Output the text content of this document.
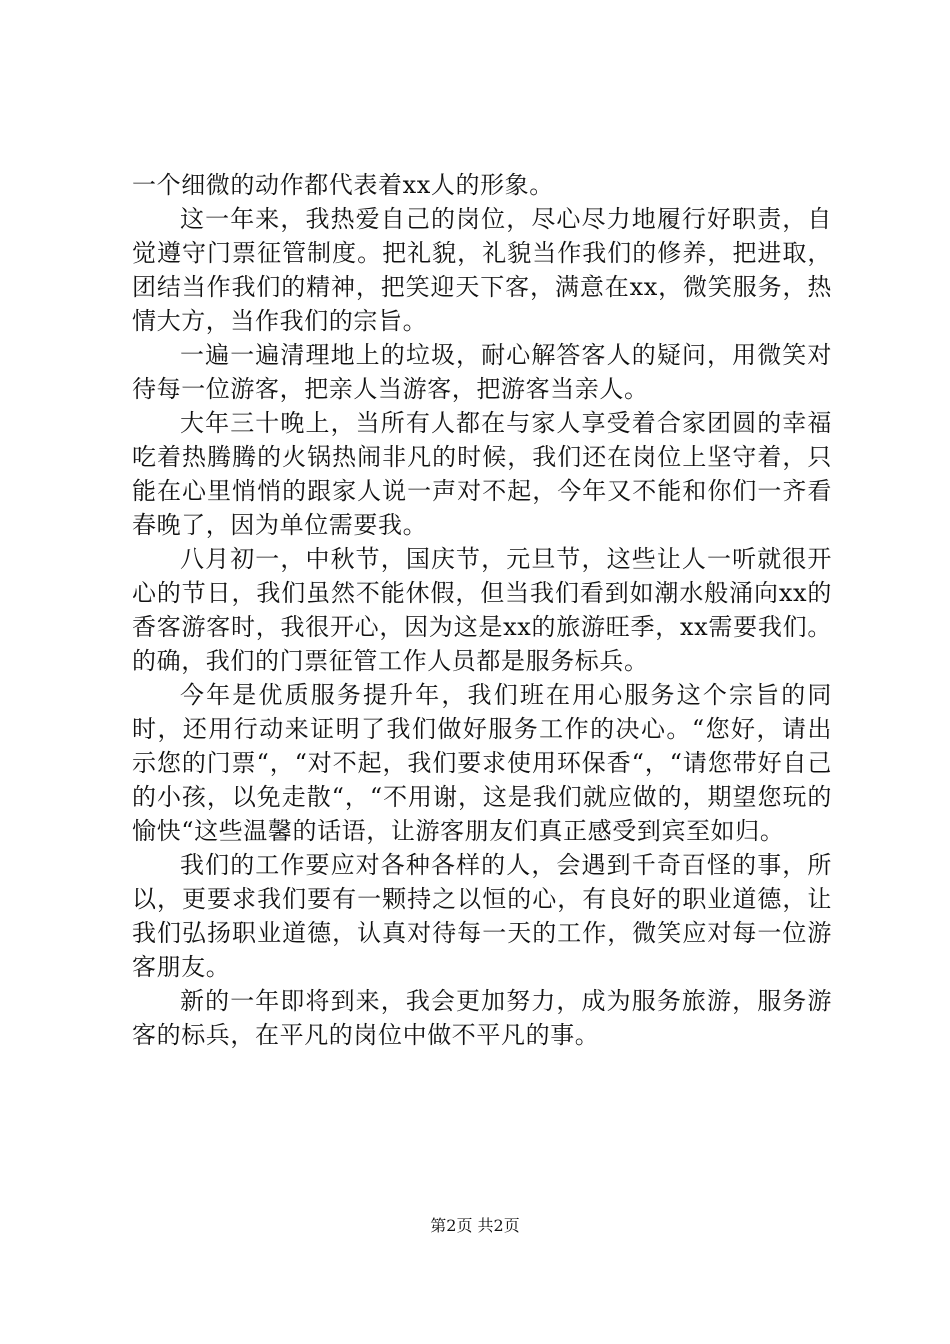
一个细微的动作都代表着xx人的形象。

这一年来，我热爱自己的岗位，尽心尽力地履行好职责，自觉遵守门票征管制度。把礼貌，礼貌当作我们的修养，把进取，团结当作我们的精神，把笑迎天下客，满意在xx，微笑服务，热情大方，当作我们的宗旨。

一遍一遍清理地上的垃圾，耐心解答客人的疑问，用微笑对待每一位游客，把亲人当游客，把游客当亲人。

大年三十晚上，当所有人都在与家人享受着合家团圆的幸福吃着热腾腾的火锅热闹非凡的时候，我们还在岗位上坚守着，只能在心里悄悄的跟家人说一声对不起，今年又不能和你们一齐看春晚了，因为单位需要我。

八月初一，中秋节，国庆节，元旦节，这些让人一听就很开心的节日，我们虽然不能休假，但当我们看到如潮水般涌向xx的香客游客时，我很开心，因为这是xx的旅游旺季，xx需要我们。的确，我们的门票征管工作人员都是服务标兵。

今年是优质服务提升年，我们班在用心服务这个宗旨的同时，还用行动来证明了我们做好服务工作的决心。“您好，请出示您的门票“，“对不起，我们要求使用环保香“，“请您带好自己的小孩，以免走散“，“不用谢，这是我们就应做的，期望您玩的愉快“这些温馨的话语，让游客朋友们真正感受到宾至如归。

我们的工作要应对各种各样的人，会遇到千奇百怪的事，所以，更要求我们要有一颗持之以恒的心，有良好的职业道德，让我们弘扬职业道德，认真对待每一天的工作，微笑应对每一位游客朋友。

新的一年即将到来，我会更加努力，成为服务旅游，服务游客的标兵，在平凡的岗位中做不平凡的事。

第2页 共2页
